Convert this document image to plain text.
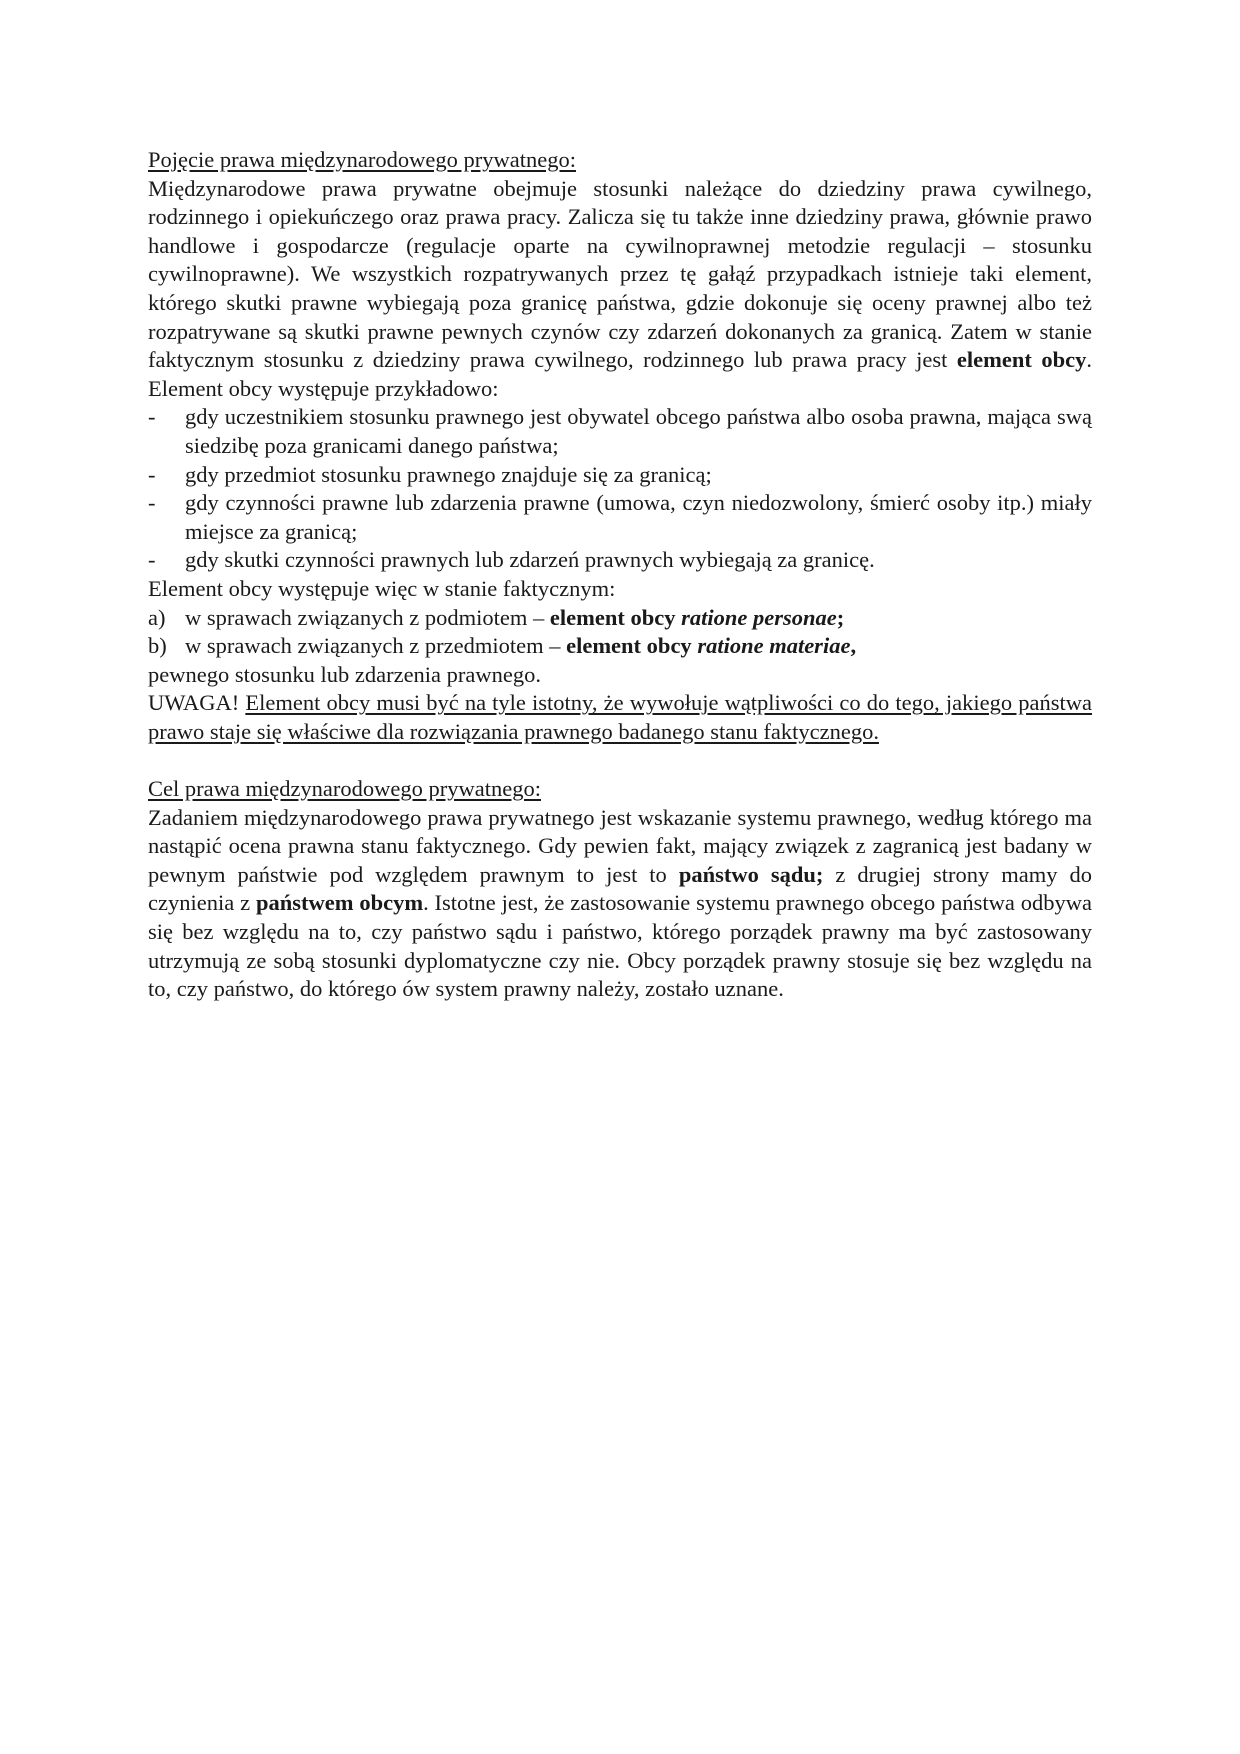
Pojęcie prawa międzynarodowego prywatnego:

Międzynarodowe prawa prywatne obejmuje stosunki należące do dziedziny prawa cywilnego, rodzinnego i opiekuńczego oraz prawa pracy. Zalicza się tu także inne dziedziny prawa, głównie prawo handlowe i gospodarcze (regulacje oparte na cywilnoprawnej metodzie regulacji – stosunku cywilnoprawne). We wszystkich rozpatrywanych przez tę gałąź przypadkach istnieje taki element, którego skutki prawne wybiegają poza granicę państwa, gdzie dokonuje się oceny prawnej albo też rozpatrywane są skutki prawne pewnych czynów czy zdarzeń dokonanych za granicą. Zatem w stanie faktycznym stosunku z dziedziny prawa cywilnego, rodzinnego lub prawa pracy jest element obcy. Element obcy występuje przykładowo:

- gdy uczestnikiem stosunku prawnego jest obywatel obcego państwa albo osoba prawna, mająca swą siedzibę poza granicami danego państwa;
- gdy przedmiot stosunku prawnego znajduje się za granicą;
- gdy czynności prawne lub zdarzenia prawne (umowa, czyn niedozwolony, śmierć osoby itp.) miały miejsce za granicą;
- gdy skutki czynności prawnych lub zdarzeń prawnych wybiegają za granicę.

Element obcy występuje więc w stanie faktycznym:

a) w sprawach związanych z podmiotem – element obcy ratione personae;

b) w sprawach związanych z przedmiotem – element obcy ratione materiae,

pewnego stosunku lub zdarzenia prawnego.

UWAGA! Element obcy musi być na tyle istotny, że wywołuje wątpliwości co do tego, jakiego państwa prawo staje się właściwe dla rozwiązania prawnego badanego stanu faktycznego.

Cel prawa międzynarodowego prywatnego:

Zadaniem międzynarodowego prawa prywatnego jest wskazanie systemu prawnego, według którego ma nastąpić ocena prawna stanu faktycznego. Gdy pewien fakt, mający związek z zagranicą jest badany w pewnym państwie pod względem prawnym to jest to państwo sądu; z drugiej strony mamy do czynienia z państwem obcym. Istotne jest, że zastosowanie systemu prawnego obcego państwa odbywa się bez względu na to, czy państwo sądu i państwo, którego porządek prawny ma być zastosowany utrzymują ze sobą stosunki dyplomatyczne czy nie. Obcy porządek prawny stosuje się bez względu na to, czy państwo, do którego ów system prawny należy, zostało uznane.
